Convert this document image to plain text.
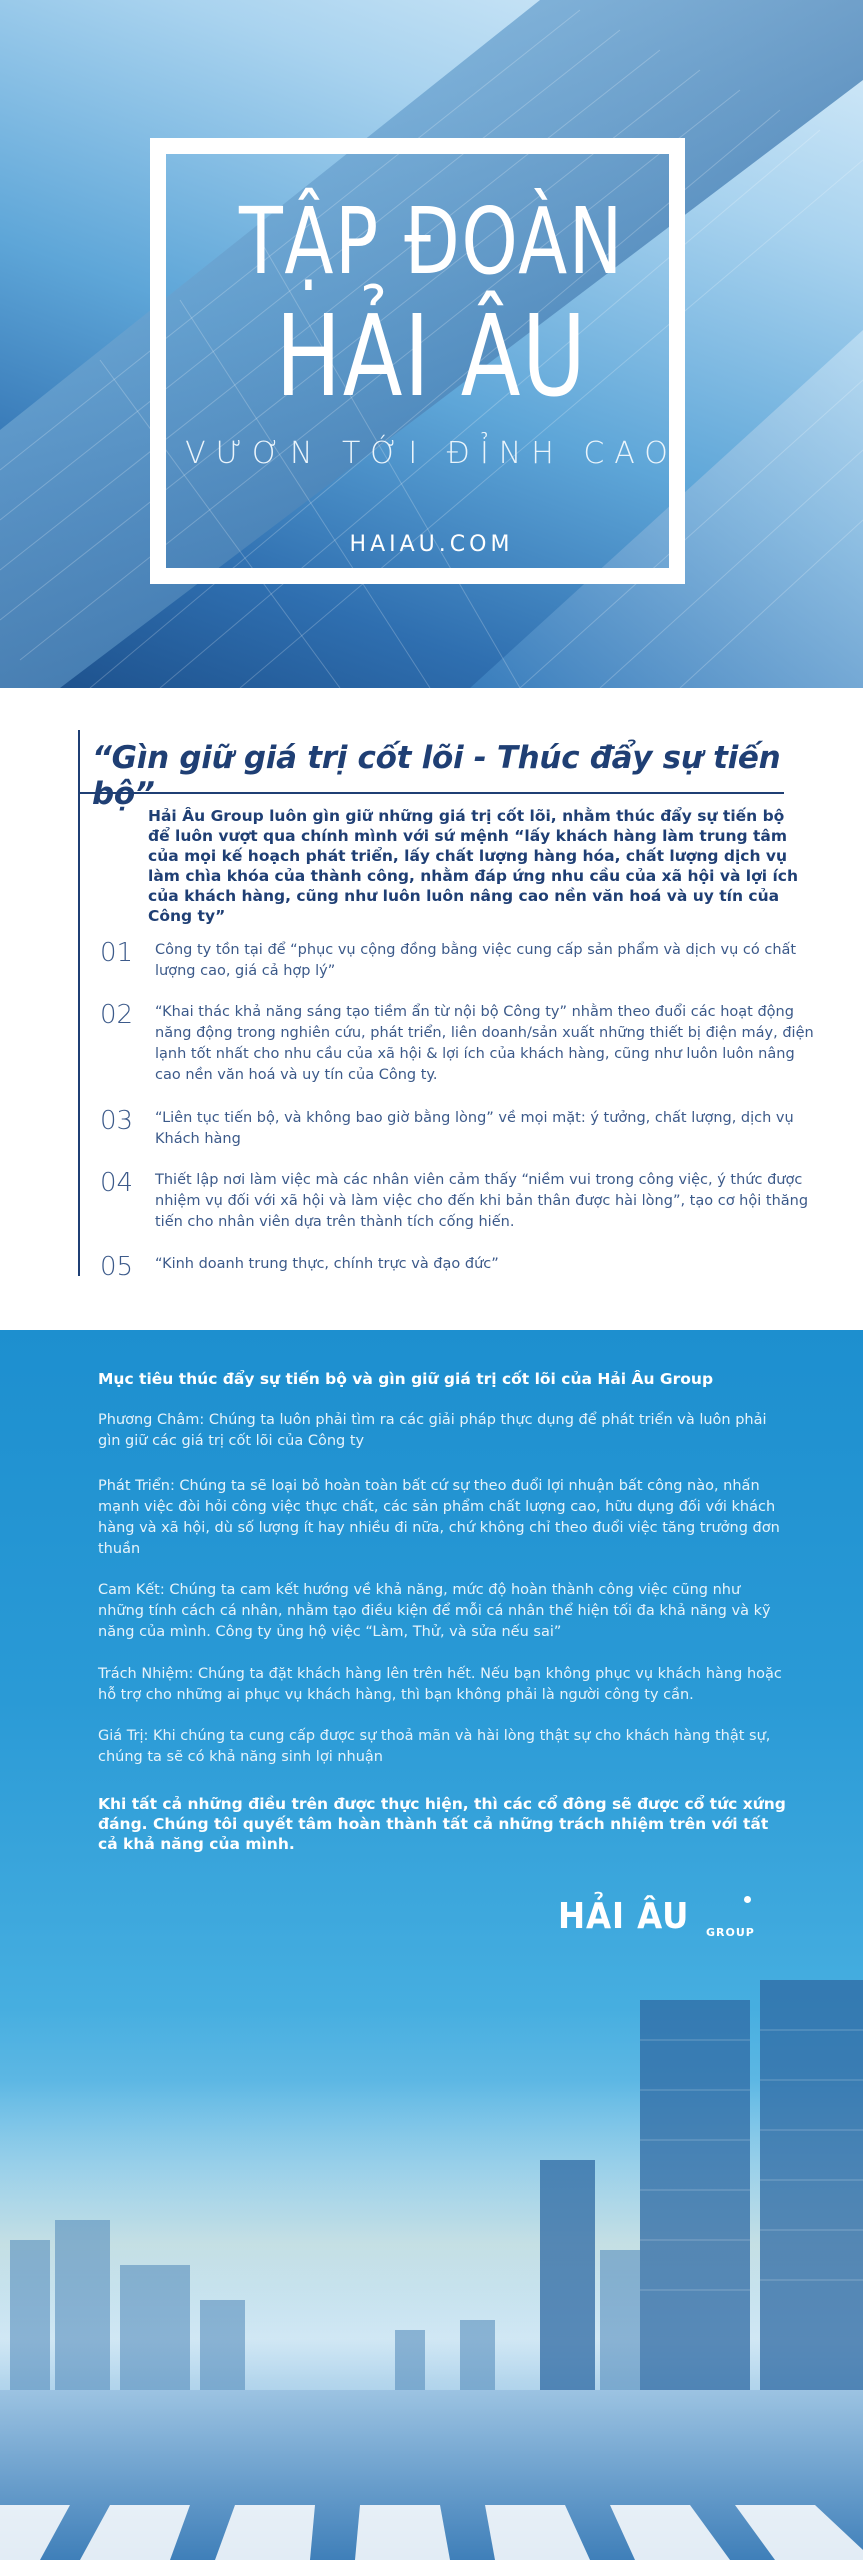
TẬP ĐOÀN
HẢI ÂU
VƯƠN TỚI ĐỈNH CAO
HAIAU.COM
“Gìn giữ giá trị cốt lõi - Thúc đẩy sự tiến bộ”
Hải Âu Group luôn gìn giữ những giá trị cốt lõi, nhằm thúc đẩy sự tiến bộ để luôn vượt qua chính mình với sứ mệnh “lấy khách hàng làm trung tâm của mọi kế hoạch phát triển, lấy chất lượng hàng hóa, chất lượng dịch vụ làm chìa khóa của thành công, nhằm đáp ứng nhu cầu của xã hội và lợi ích của khách hàng, cũng như luôn luôn nâng cao nền văn hoá và uy tín của Công ty”
01 Công ty tồn tại để “phục vụ cộng đồng bằng việc cung cấp sản phẩm và dịch vụ có chất lượng cao, giá cả hợp lý”
02 “Khai thác khả năng sáng tạo tiềm ẩn từ nội bộ Công ty” nhằm theo đuổi các hoạt động năng động trong nghiên cứu, phát triển, liên doanh/sản xuất những thiết bị điện máy, điện lạnh tốt nhất cho nhu cầu của xã hội & lợi ích của khách hàng, cũng như luôn luôn nâng cao nền văn hoá và uy tín của Công ty.
03 “Liên tục tiến bộ, và không bao giờ bằng lòng” về mọi mặt: ý tưởng, chất lượng, dịch vụ Khách hàng
04 Thiết lập nơi làm việc mà các nhân viên cảm thấy “niềm vui trong công việc, ý thức được nhiệm vụ đối với xã hội và làm việc cho đến khi bản thân được hài lòng”, tạo cơ hội thăng tiến cho nhân viên dựa trên thành tích cống hiến.
05 “Kinh doanh trung thực, chính trực và đạo đức”
Mục tiêu thúc đẩy sự tiến bộ và gìn giữ giá trị cốt lõi của Hải Âu Group
Phương Châm: Chúng ta luôn phải tìm ra các giải pháp thực dụng để phát triển và luôn phải gìn giữ các giá trị cốt lõi của Công ty
Phát Triển: Chúng ta sẽ loại bỏ hoàn toàn bất cứ sự theo đuổi lợi nhuận bất công nào, nhấn mạnh việc đòi hỏi công việc thực chất, các sản phẩm chất lượng cao, hữu dụng đối với khách hàng và xã hội, dù số lượng ít hay nhiều đi nữa, chứ không chỉ theo đuổi việc tăng trưởng đơn thuần
Cam Kết: Chúng ta cam kết hướng về khả năng, mức độ hoàn thành công việc cũng như những tính cách cá nhân, nhằm tạo điều kiện để mỗi cá nhân thể hiện tối đa khả năng và kỹ năng của mình. Công ty ủng hộ việc “Làm, Thử, và sửa nếu sai”
Trách Nhiệm: Chúng ta đặt khách hàng lên trên hết. Nếu bạn không phục vụ khách hàng hoặc hỗ trợ cho những ai phục vụ khách hàng, thì bạn không phải là người công ty cần.
Giá Trị: Khi chúng ta cung cấp được sự thoả mãn và hài lòng thật sự cho khách hàng thật sự, chúng ta sẽ có khả năng sinh lợi nhuận
Khi tất cả những điều trên được thực hiện, thì các cổ đông sẽ được cổ tức xứng đáng. Chúng tôi quyết tâm hoàn thành tất cả những trách nhiệm trên với tất cả khả năng của mình.
HẢI ÂU GROUP
